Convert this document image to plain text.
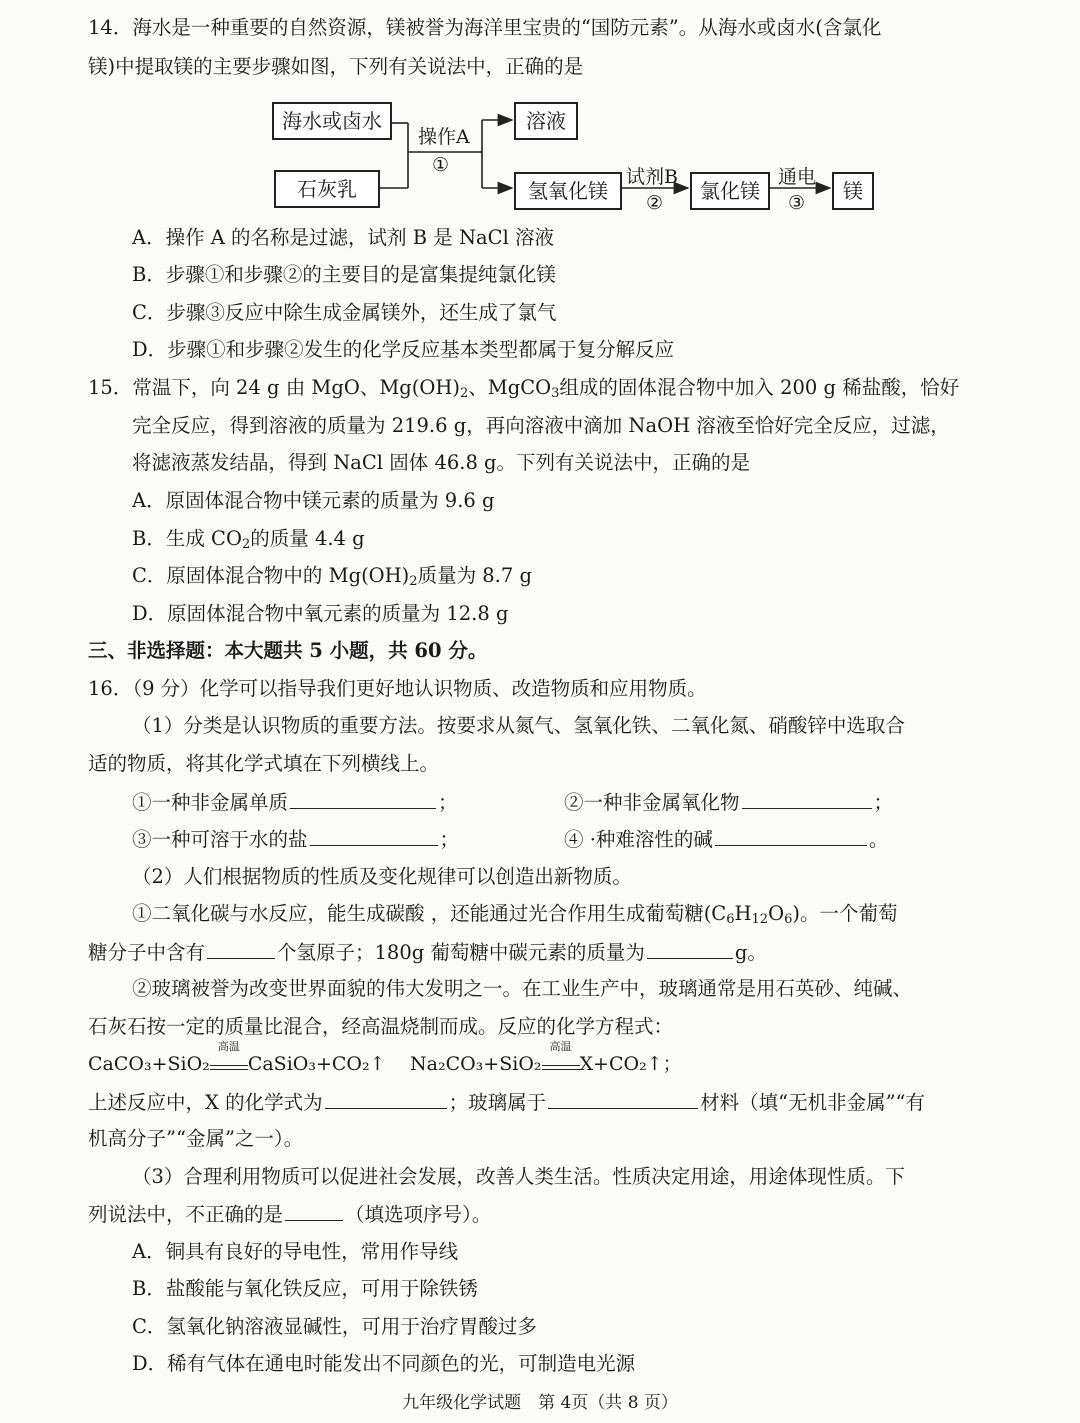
14．海水是一种重要的自然资源，镁被誉为海洋里宝贵的“国防元素”。从海水或卤水(含氯化
镁)中提取镁的主要步骤如图，下列有关说法中，正确的是
海水或卤水
石灰乳
溶液
氢氧化镁	氯化镁	镁
操作A
①
试剂B
②
通电
③
A．操作 A 的名称是过滤，试剂 B 是 NaCl 溶液
B．步骤①和步骤②的主要目的是富集提纯氯化镁
C．步骤③反应中除生成金属镁外，还生成了氯气
D．步骤①和步骤②发生的化学反应基本类型都属于复分解反应
15．常温下，向 24 g 由 MgO、$Mg(OH)_2$、MgCO$_3$组成的固体混合物中加入 200 g 稀盐酸，恰好
完全反应，得到溶液的质量为 219.6 g，再向溶液中滴加 NaOH 溶液至恰好完全反应，过滤，
将滤液蒸发结晶，得到 NaCl 固体 46.8 g。下列有关说法中，正确的是
A．原固体混合物中镁元素的质量为 9.6 g
B．生成 $CO_2$的质量 4.4 g
C．原固体混合物中的 $Mg(OH)_2$质量为 8.7 g
D．原固体混合物中氧元素的质量为 12.8 g
三、非选择题：本大题共 5 小题，共 60 分。
16．（9 分）化学可以指导我们更好地认识物质、改造物质和应用物质。
（1）分类是认识物质的重要方法。按要求从氮气、氢氧化铁、二氧化氮、硝酸锌中选取合
适的物质，将其化学式填在下列横线上。
①一种非金属单质	；	②一种非金属氧化物	；
③一种可溶于水的盐	；	④ ·种难溶性的碱	。
（2）人们根据物质的性质及变化规律可以创造出新物质。
①二氧化碳与水反应，能生成碳酸 ，还能通过光合作用生成葡萄糖$(C_6H_{12}O_6)$。一个葡萄
糖分子中含有	个氢原子；180g 葡萄糖中碳元素的质量为	g。
②玻璃被誉为改变世界面貌的伟大发明之一。在工业生产中，玻璃通常是用石英砂、纯碱、
石灰石按一定的质量比混合，经高温烧制而成。反应的化学方程式：
CaCO₃+SiO₂
高温
CaSiO₃+CO₂↑ Na₂CO₃+SiO₂
高温
X+CO₂↑；
上述反应中，X 的化学式为	；玻璃属于	材料（填“无机非金属”“有
机高分子”“金属”之一）。
（3）合理利用物质可以促进社会发展，改善人类生活。性质决定用途，用途体现性质。下
列说法中，不正确的是	（填选项序号）。
A．铜具有良好的导电性，常用作导线
B．盐酸能与氧化铁反应，可用于除铁锈
C．氢氧化钠溶液显碱性，可用于治疗胃酸过多
D．稀有气体在通电时能发出不同颜色的光，可制造电光源
九年级化学试题　第 4页（共 8 页）
